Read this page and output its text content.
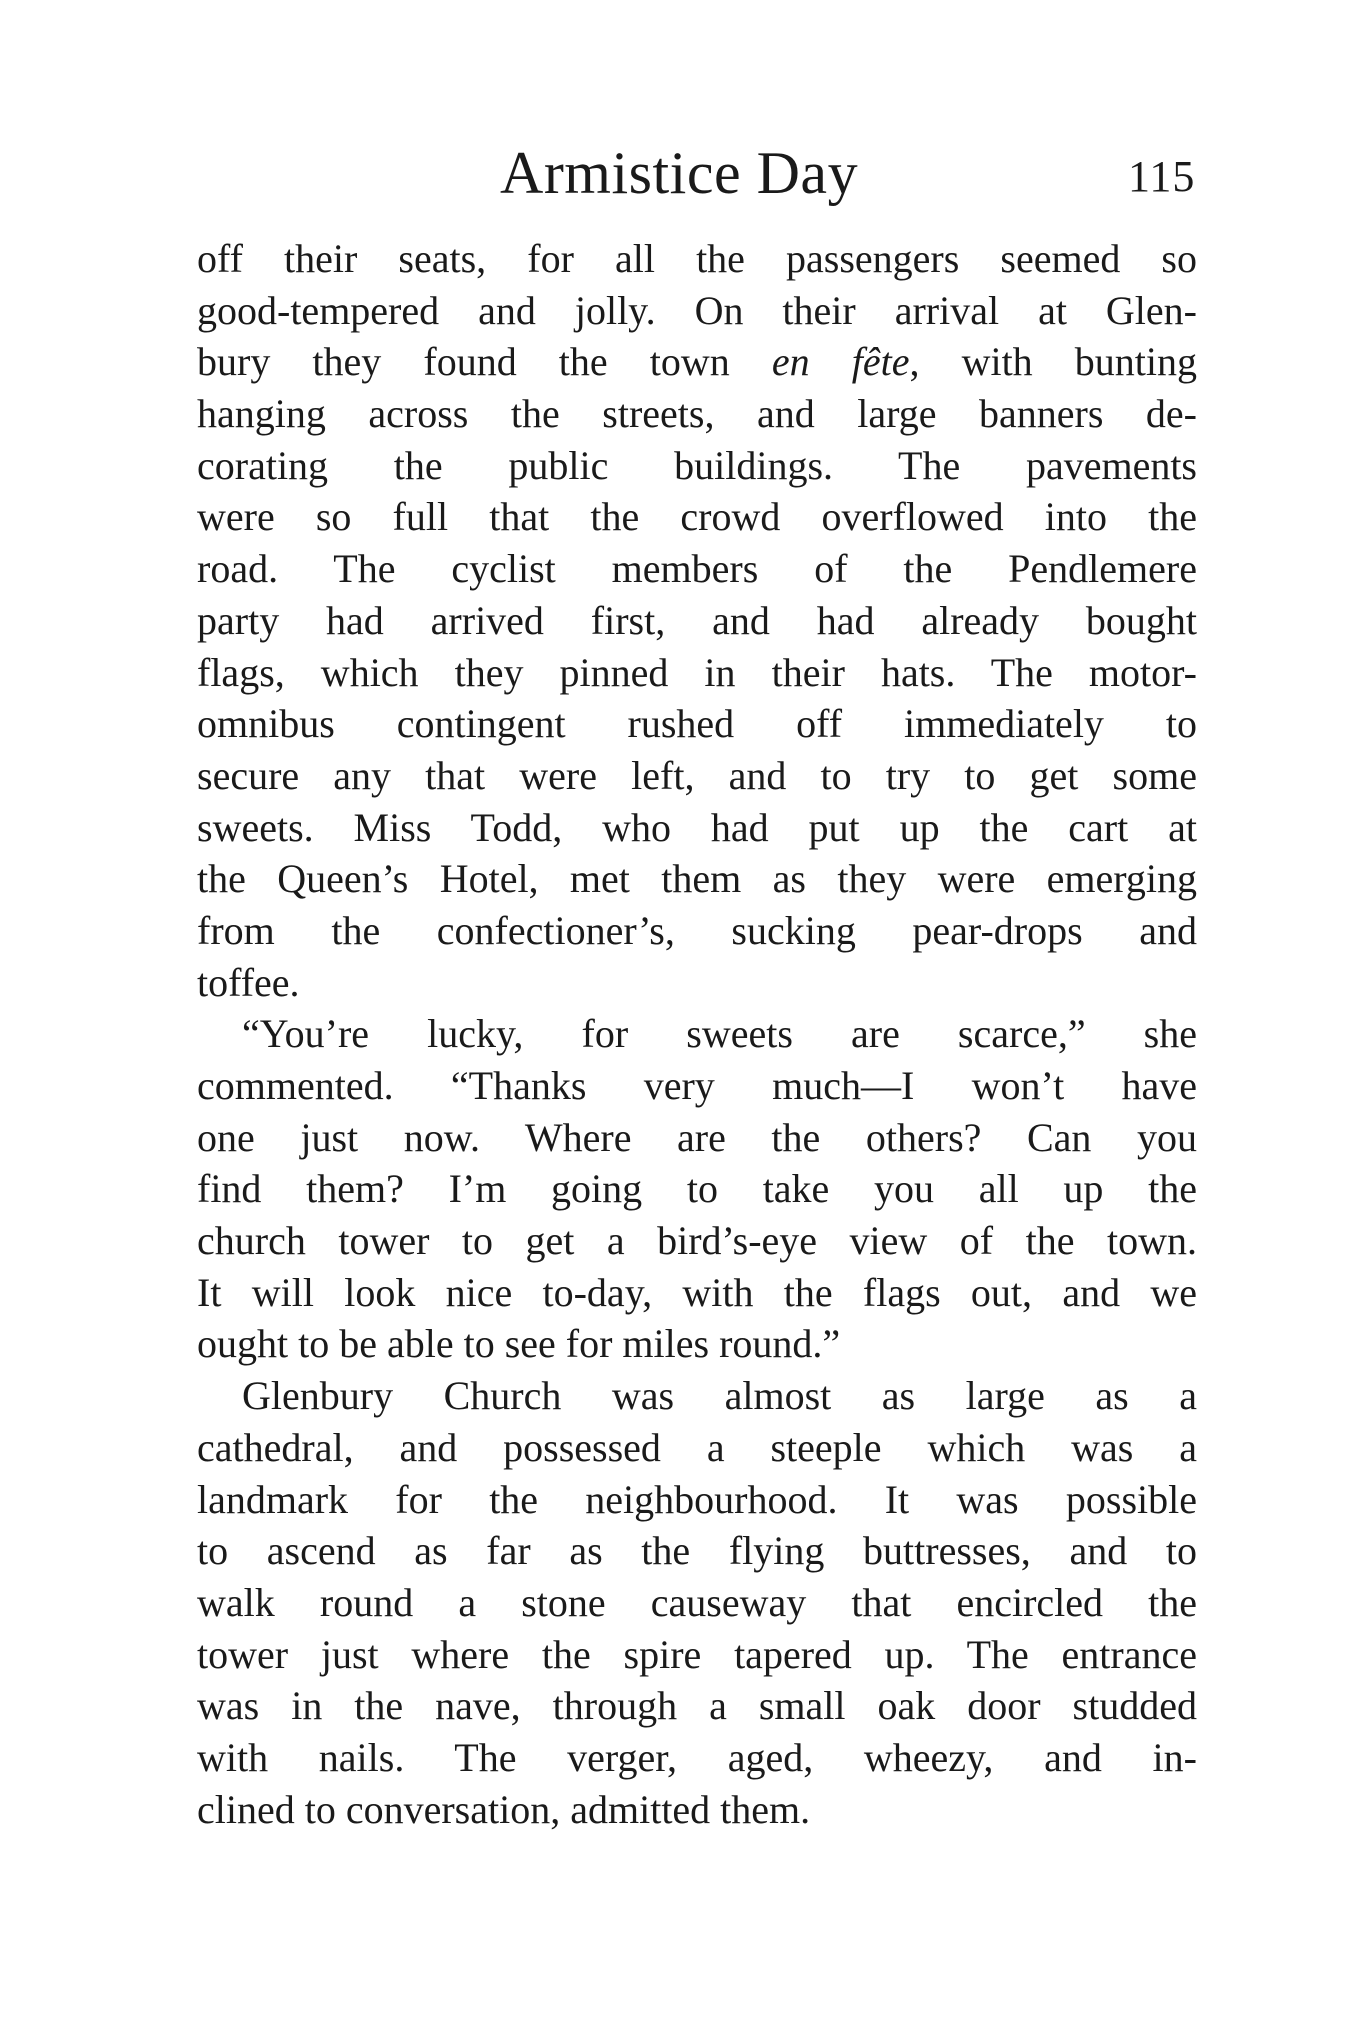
Armistice Day	115
off their seats, for all the passengers seemed so
good-tempered and jolly. On their arrival at Glen-
bury they found the town en fête, with bunting
hanging across the streets, and large banners de-
corating the public buildings. The pavements
were so full that the crowd overflowed into the
road. The cyclist members of the Pendlemere
party had arrived first, and had already bought
flags, which they pinned in their hats. The motor-
omnibus contingent rushed off immediately to
secure any that were left, and to try to get some
sweets. Miss Todd, who had put up the cart at
the Queen’s Hotel, met them as they were emerging
from the confectioner’s, sucking pear-drops and
toffee.
“You’re lucky, for sweets are scarce,” she
commented. “Thanks very much—I won’t have
one just now. Where are the others? Can you
find them? I’m going to take you all up the
church tower to get a bird’s-eye view of the town.
It will look nice to-day, with the flags out, and we
ought to be able to see for miles round.”
Glenbury Church was almost as large as a
cathedral, and possessed a steeple which was a
landmark for the neighbourhood. It was possible
to ascend as far as the flying buttresses, and to
walk round a stone causeway that encircled the
tower just where the spire tapered up. The entrance
was in the nave, through a small oak door studded
with nails. The verger, aged, wheezy, and in-
clined to conversation, admitted them.
